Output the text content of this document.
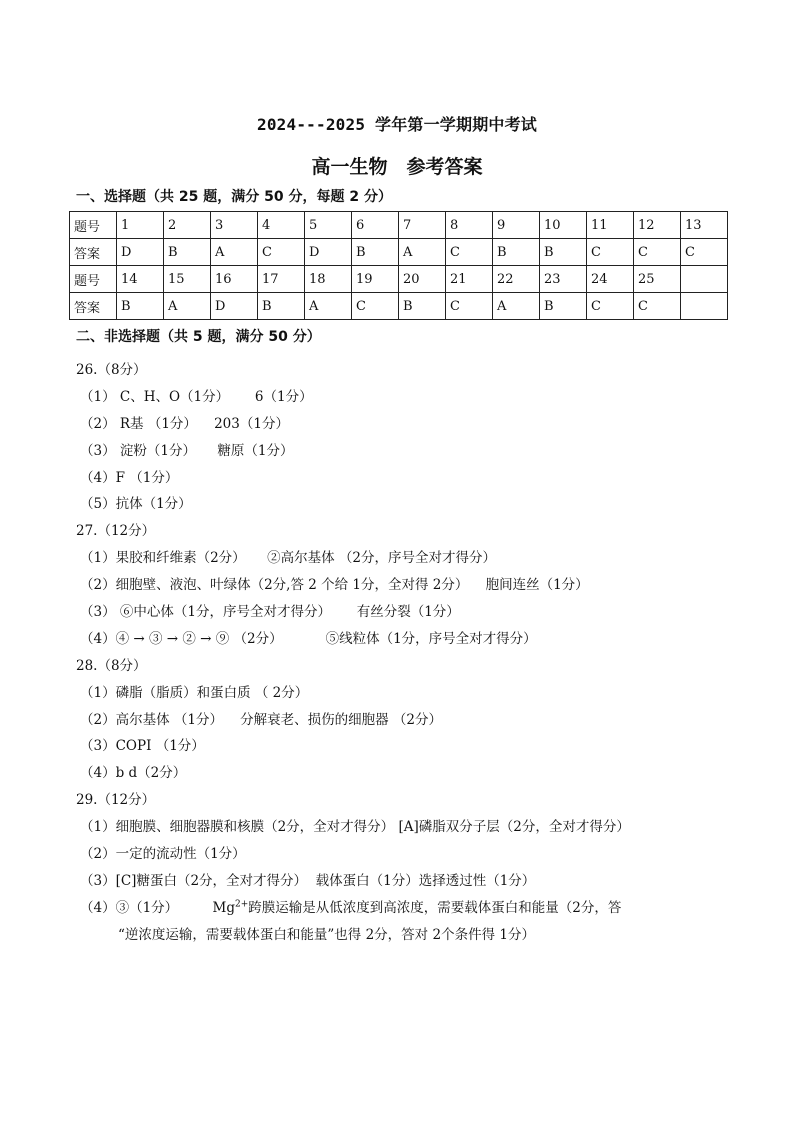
2024---2025 学年第一学期期中考试
高一生物　参考答案
一、选择题（共 25 题，满分 50 分，每题 2 分）
题号	1	2	3	4	5	6	7	8	9	10	11	12	13
答案	D	B	A	C	D	B	A	C	B	B	C	C	C
题号	14	15	16	17	18	19	20	21	22	23	24	25	
答案	B	A	D	B	A	C	B	C	A	B	C	C	
二、非选择题（共 5 题，满分 50 分）
26.（8分）
（1） C、H、O（1分）      6（1分）
（2） R基 （1分）    203（1分）
（3） 淀粉（1分）     糖原（1分）
（4）F （1分）
（5）抗体（1分）
27.（12分）
（1）果胶和纤维素（2分）     ②高尔基体 （2分，序号全对才得分）
（2）细胞壁、液泡、叶绿体（2分,答 2 个给 1分，全对得 2分）    胞间连丝（1分）
（3） ⑥中心体（1分，序号全对才得分）      有丝分裂（1分）
（4）④ → ③ → ② → ⑨ （2分）          ⑤线粒体（1分，序号全对才得分）
28.（8分）
（1）磷脂（脂质）和蛋白质 （ 2分）
（2）高尔基体 （1分）    分解衰老、损伤的细胞器 （2分）
（3）COPI （1分）
（4）b d（2分）
29.（12分）
（1）细胞膜、细胞器膜和核膜（2分，全对才得分） [A]磷脂双分子层（2分，全对才得分）
（2）一定的流动性（1分）
（3）[C]糖蛋白（2分，全对才得分）  载体蛋白（1分）选择透过性（1分）
（4）③（1分）        $Mg^{2+}$跨膜运输是从低浓度到高浓度，需要载体蛋白和能量（2分，答
“逆浓度运输，需要载体蛋白和能量”也得 2分，答对 2个条件得 1分）
